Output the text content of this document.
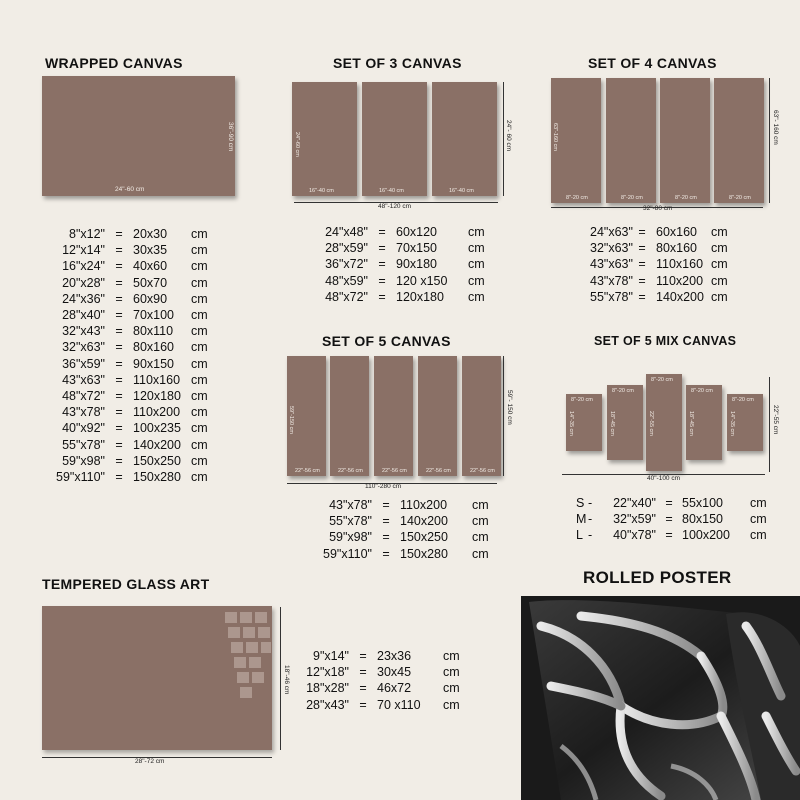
WRAPPED CANVAS
24"-60 cm
36"-90 cm
8"x12" = 20x30 cm
12"x14" = 30x35 cm
16"x24" = 40x60 cm
20"x28" = 50x70 cm
24"x36" = 60x90 cm
28"x40" = 70x100 cm
32"x43" = 80x110 cm
32"x63" = 80x160 cm
36"x59" = 90x150 cm
43"x63" = 110x160 cm
48"x72" = 120x180 cm
43"x78" = 110x200 cm
40"x92" = 100x235 cm
55"x78" = 140x200 cm
59"x98" = 150x250 cm
59"x110" = 150x280 cm
SET OF 3 CANVAS
16"-40 cm
24"-60 cm
16"-40 cm	16"-40 cm
48"-120 cm
24"- 60 cm
24"x48" = 60x120 cm
28"x59" = 70x150 cm
36"x72" = 90x180 cm
48"x59" = 120 x150 cm
48"x72" = 120x180 cm
SET OF 4 CANVAS
8"-20 cm
63"-160 cm
8"-20 cm	8"-20 cm	8"-20 cm
32"-80 cm
63"- 160 cm
24"x63" = 60x160 cm
32"x63" = 80x160 cm
43"x63" = 110x160 cm
43"x78" = 110x200 cm
55"x78" = 140x200 cm
SET OF 5 CANVAS
22"-56 cm
59"-150 cm
22"-56 cm	22"-56 cm	22"-56 cm	22"-56 cm
110"-280 cm
59"- 150 cm
43"x78" = 110x200 cm
55"x78" = 140x200 cm
59"x98" = 150x250 cm
59"x110" = 150x280 cm
SET OF 5 MIX CANVAS
8"-20 cm
14"-35 cm
8"-20 cm
18"-45 cm
8"-20 cm
22"-55 cm
8"-20 cm
18"-45 cm
8"-20 cm
14"-35 cm
40"-100 cm
22"-55 cm
S - 22"x40" = 55x100 cm
M - 32"x59" = 80x150 cm
L - 40"x78" = 100x200 cm
TEMPERED GLASS ART
28"-72 cm
18"-46 cm
9"x14" = 23x36	cm
12"x18" = 30x45	cm
18"x28" = 46x72	cm
28"x43" = 70 x110 cm
ROLLED POSTER
